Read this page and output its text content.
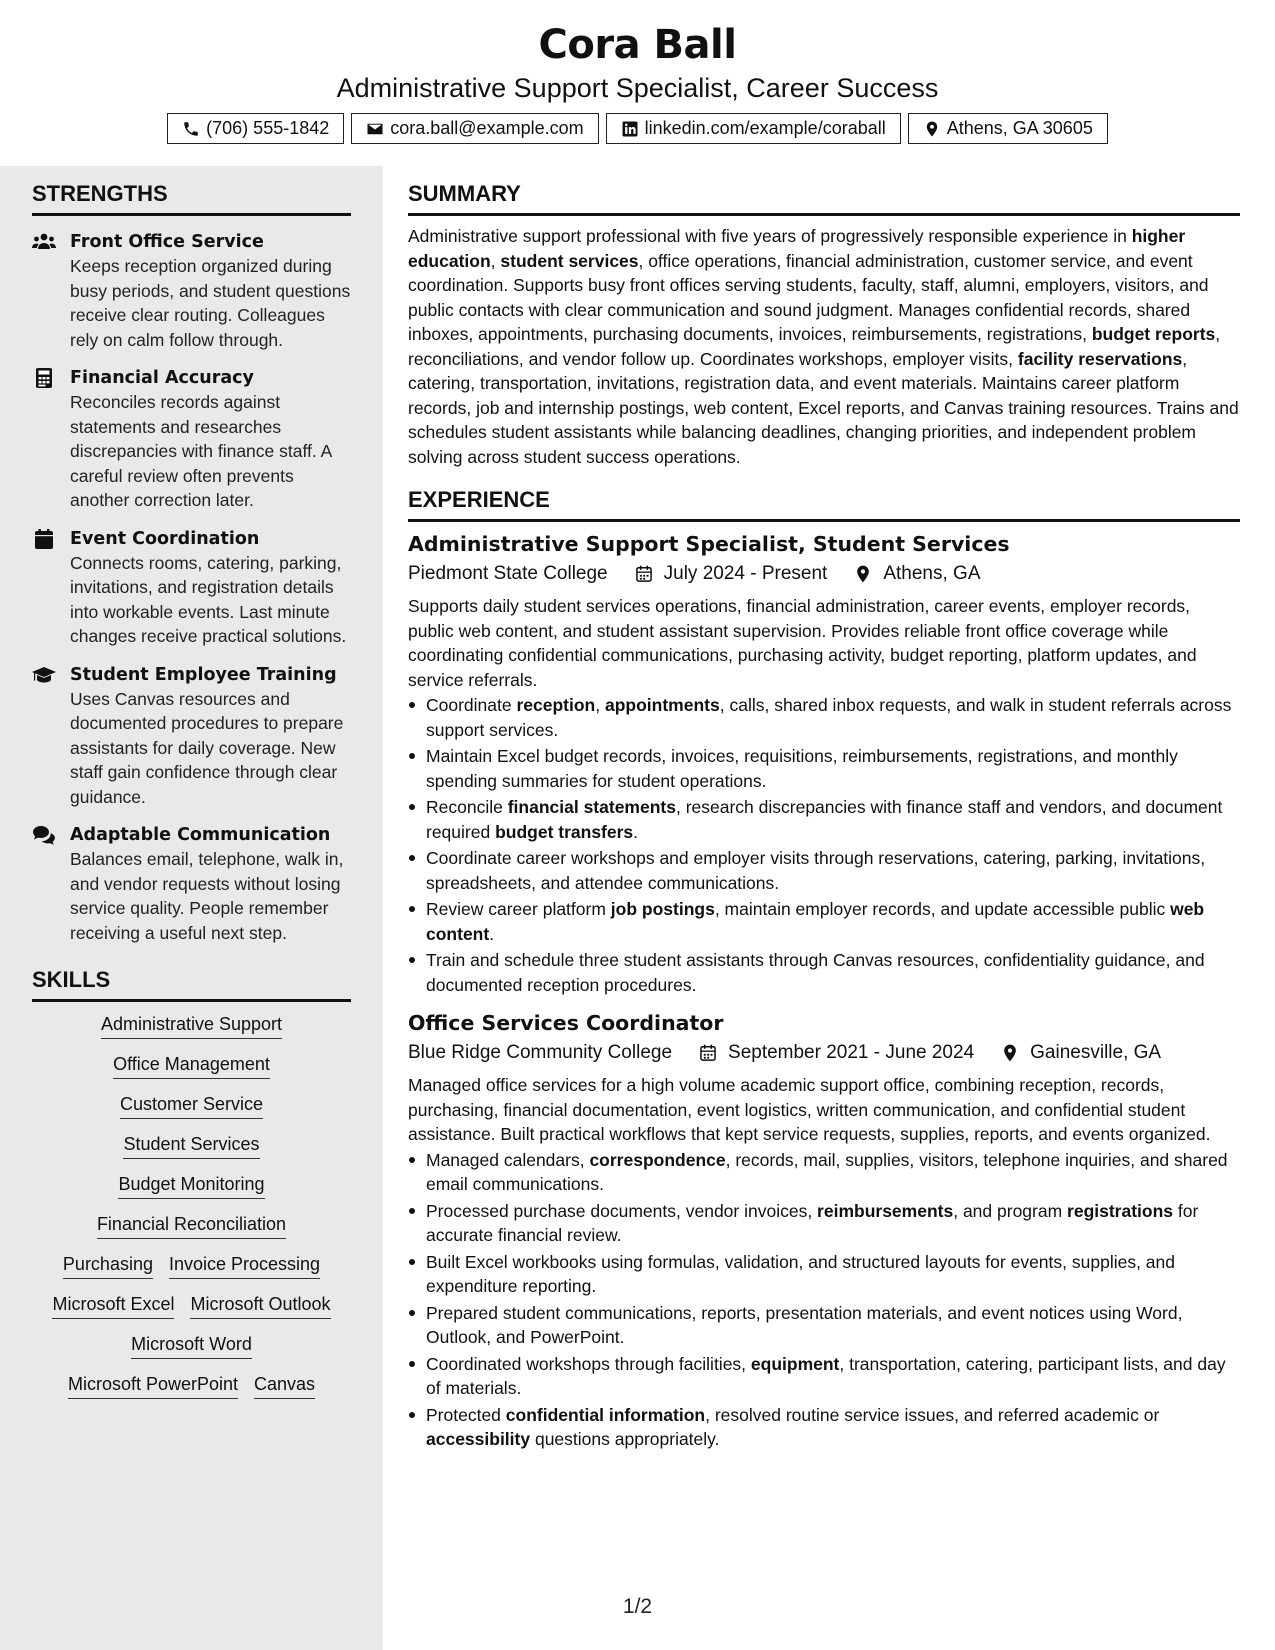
Cora Ball
Administrative Support Specialist, Career Success
(706) 555-1842	cora.ball@example.com	linkedin.com/example/coraball	Athens, GA 30605
STRENGTHS
Front Office Service
Keeps reception organized during busy periods, and student questions receive clear routing. Colleagues rely on calm follow through.
Financial Accuracy
Reconciles records against statements and researches discrepancies with finance staff. A careful review often prevents another correction later.
Event Coordination
Connects rooms, catering, parking, invitations, and registration details into workable events. Last minute changes receive practical solutions.
Student Employee Training
Uses Canvas resources and documented procedures to prepare assistants for daily coverage. New staff gain confidence through clear guidance.
Adaptable Communication
Balances email, telephone, walk in, and vendor requests without losing service quality. People remember receiving a useful next step.
SKILLS
Administrative Support
Office Management
Customer Service
Student Services
Budget Monitoring
Financial Reconciliation
Purchasing Invoice Processing
Microsoft Excel Microsoft Outlook
Microsoft Word
Microsoft PowerPoint Canvas
SUMMARY

Administrative support professional with five years of progressively responsible experience in higher education, student services, office operations, financial administration, customer service, and event coordination. Supports busy front offices serving students, faculty, staff, alumni, employers, visitors, and public contacts with clear communication and sound judgment. Manages confidential records, shared inboxes, appointments, purchasing documents, invoices, reimbursements, registrations, budget reports, reconciliations, and vendor follow up. Coordinates workshops, employer visits, facility reservations, catering, transportation, invitations, registration data, and event materials. Maintains career platform records, job and internship postings, web content, Excel reports, and Canvas training resources. Trains and schedules student assistants while balancing deadlines, changing priorities, and independent problem solving across student success operations.

EXPERIENCE
Administrative Support Specialist, Student Services
Piedmont State College	July 2024 - Present	Athens, GA

Supports daily student services operations, financial administration, career events, employer records, public web content, and student assistant supervision. Provides reliable front office coverage while coordinating confidential communications, purchasing activity, budget reporting, platform updates, and service referrals.

Coordinate reception, appointments, calls, shared inbox requests, and walk in student referrals across support services.
Maintain Excel budget records, invoices, requisitions, reimbursements, registrations, and monthly spending summaries for student operations.
Reconcile financial statements, research discrepancies with finance staff and vendors, and document required budget transfers.
Coordinate career workshops and employer visits through reservations, catering, parking, invitations, spreadsheets, and attendee communications.
Review career platform job postings, maintain employer records, and update accessible public web content.
Train and schedule three student assistants through Canvas resources, confidentiality guidance, and documented reception procedures.
Office Services Coordinator
Blue Ridge Community College	September 2021 - June 2024	Gainesville, GA

Managed office services for a high volume academic support office, combining reception, records, purchasing, financial documentation, event logistics, written communication, and confidential student assistance. Built practical workflows that kept service requests, supplies, reports, and events organized.

Managed calendars, correspondence, records, mail, supplies, visitors, telephone inquiries, and shared email communications.
Processed purchase documents, vendor invoices, reimbursements, and program registrations for accurate financial review.
Built Excel workbooks using formulas, validation, and structured layouts for events, supplies, and expenditure reporting.
Prepared student communications, reports, presentation materials, and event notices using Word, Outlook, and PowerPoint.
Coordinated workshops through facilities, equipment, transportation, catering, participant lists, and day of materials.
Protected confidential information, resolved routine service issues, and referred academic or accessibility questions appropriately.
1/2
